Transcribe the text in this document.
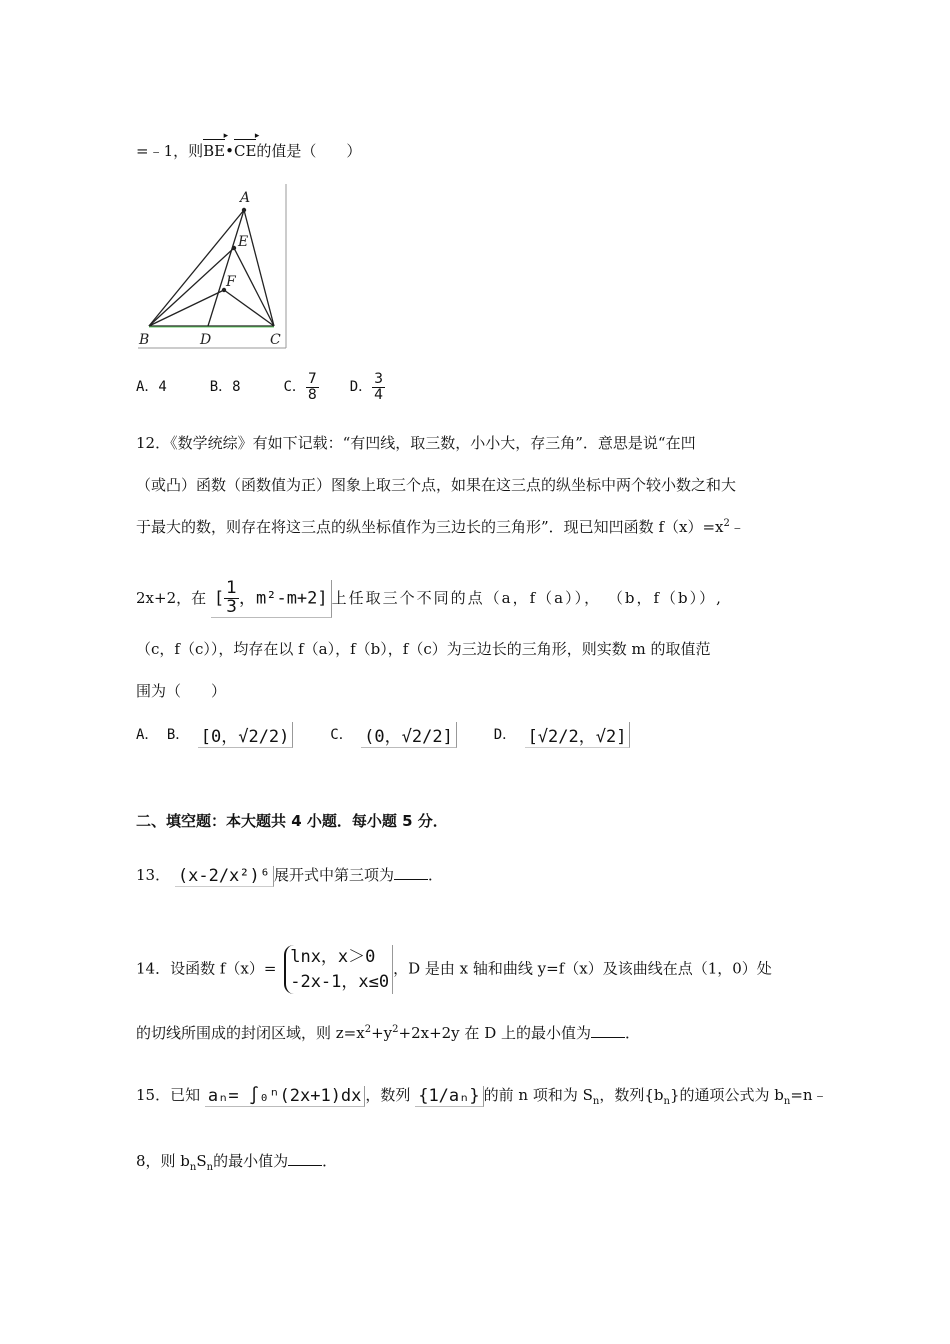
=﹣1，则BE ▸•CE ▸的值是（　　）
A
E
F
B	D	C
A．4	B．8	C． $\frac{7}{8}$ D． $\frac{3}{4}$
12．《数学统综》有如下记载：“有凹线，取三数，小小大，存三角”．意思是说“在凹
（或凸）函数（函数值为正）图象上取三个点，如果在这三点的纵坐标中两个较小数之和大
于最大的数，则存在将这三点的纵坐标值作为三边长的三角形”．现已知凹函数 $f(x)=x^2﹣$
2x+2，在 [ $\frac{1}{3}$ ，m²-m+2] 上任取三个不同的点（a，f（a））， （b，f（b））,
（c，f（c）），均存在以 f（a），f（b），f（c）为三边长的三角形，则实数 m 的取值范
围为（　　）
A． B． [0，√2/2)	C． (0，√2/2]	D． [√2/2，√2]
二、填空题：本大题共 4 小题．每小题 5 分．
13． (x-2/x²)⁶ 展开式中第三项为 ．
14．设函数 f（x）= lnx，x＞0
-2x-1，x≤0，D 是由 x 轴和曲线 y=f（x）及该曲线在点（1，0）处
的切线所围成的封闭区域，则 $z=x^2+y^2+2x+2y$ 在 D 上的最小值为 ．
15．已知 aₙ= ∫₀ⁿ(2x+1)dx ，数列 {1/aₙ} 的前 n 项和为 $S_n$，数列$\{b_n\}$的通项公式为 $b_n=n﹣$
8，则 $b_nS_n$的最小值为 ．
